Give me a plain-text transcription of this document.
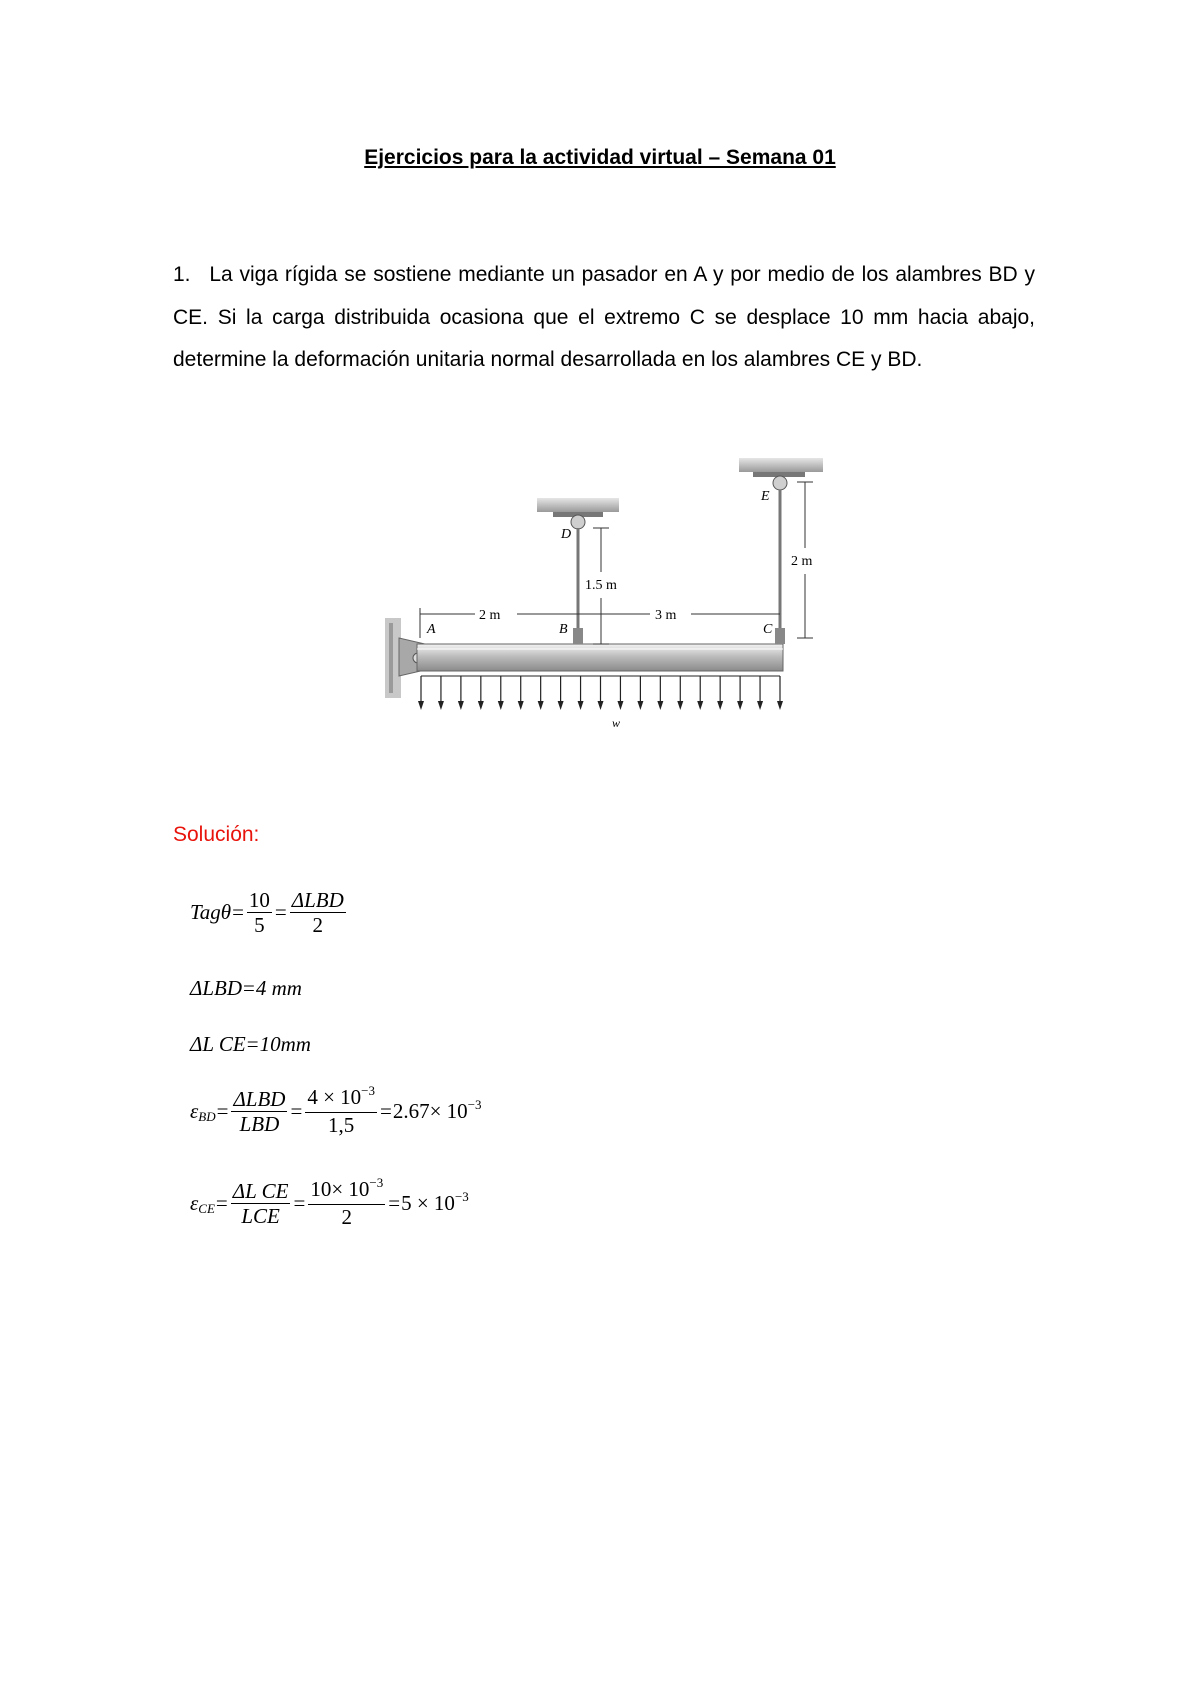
Ejercicios para la actividad virtual – Semana 01
1. La viga rígida se sostiene mediante un pasador en A y por medio de los alambres BD y CE. Si la carga distribuida ocasiona que el extremo C se desplace 10 mm hacia abajo, determine la deformación unitaria normal desarrollada en los alambres CE y BD.
A	B	C
D
E
w
2 m	3 m
1.5 m
2 m
Solución:
$Tag\theta = \frac{10}{5} = \frac{\text{ΔLBD}}{2}$
ΔLBD = 4 mm
ΔL CE = 10mm
ε BD = $\frac{\text{ΔLBD}}{\text{LBD}} = \frac{4 \times 10^{-3}}{1,5} = 2.67\times 10^{-3}$
ε CE = $\frac{\text{ΔL CE}}{\text{LCE}} = \frac{10\times 10^{-3}}{2} = 5 \times 10^{-3}$
